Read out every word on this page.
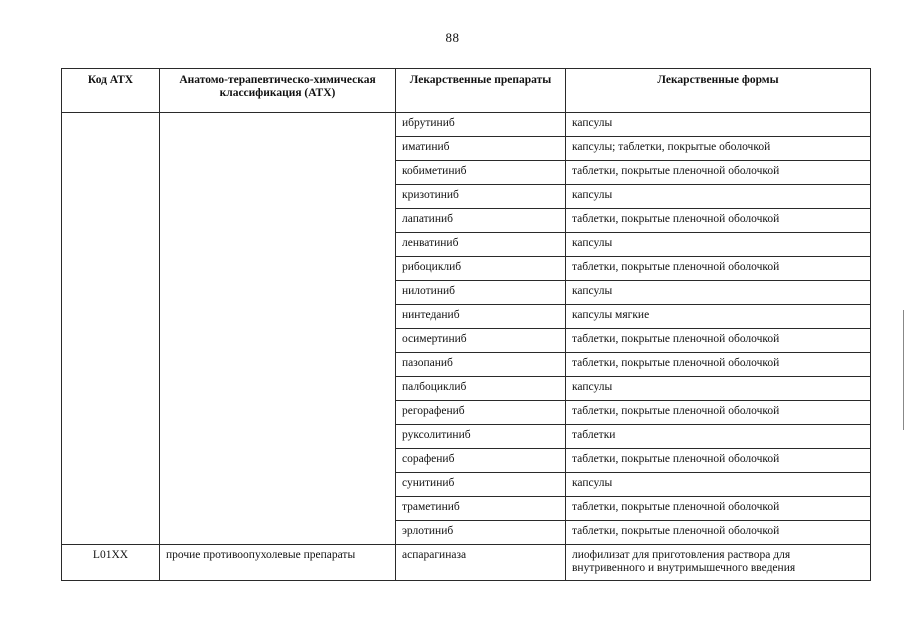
88
Код АТХ	Анатомо-терапевтическо-химическая классификация (АТХ)	Лекарственные препараты	Лекарственные формы
		ибрутиниб	капсулы
		иматиниб	капсулы; таблетки, покрытые оболочкой
		кобиметиниб	таблетки, покрытые пленочной оболочкой
		кризотиниб	капсулы
		лапатиниб	таблетки, покрытые пленочной оболочкой
		ленватиниб	капсулы
		рибоциклиб	таблетки, покрытые пленочной оболочкой
		нилотиниб	капсулы
		нинтеданиб	капсулы мягкие
		осимертиниб	таблетки, покрытые пленочной оболочкой
		пазопаниб	таблетки, покрытые пленочной оболочкой
		палбоциклиб	капсулы
		регорафениб	таблетки, покрытые пленочной оболочкой
		руксолитиниб	таблетки
		сорафениб	таблетки, покрытые пленочной оболочкой
		сунитиниб	капсулы
		траметиниб	таблетки, покрытые пленочной оболочкой
		эрлотиниб	таблетки, покрытые пленочной оболочкой
L01XX	прочие противоопухолевые препараты	аспарагиназа	лиофилизат для приготовления раствора для внутривенного и внутримышечного введения
